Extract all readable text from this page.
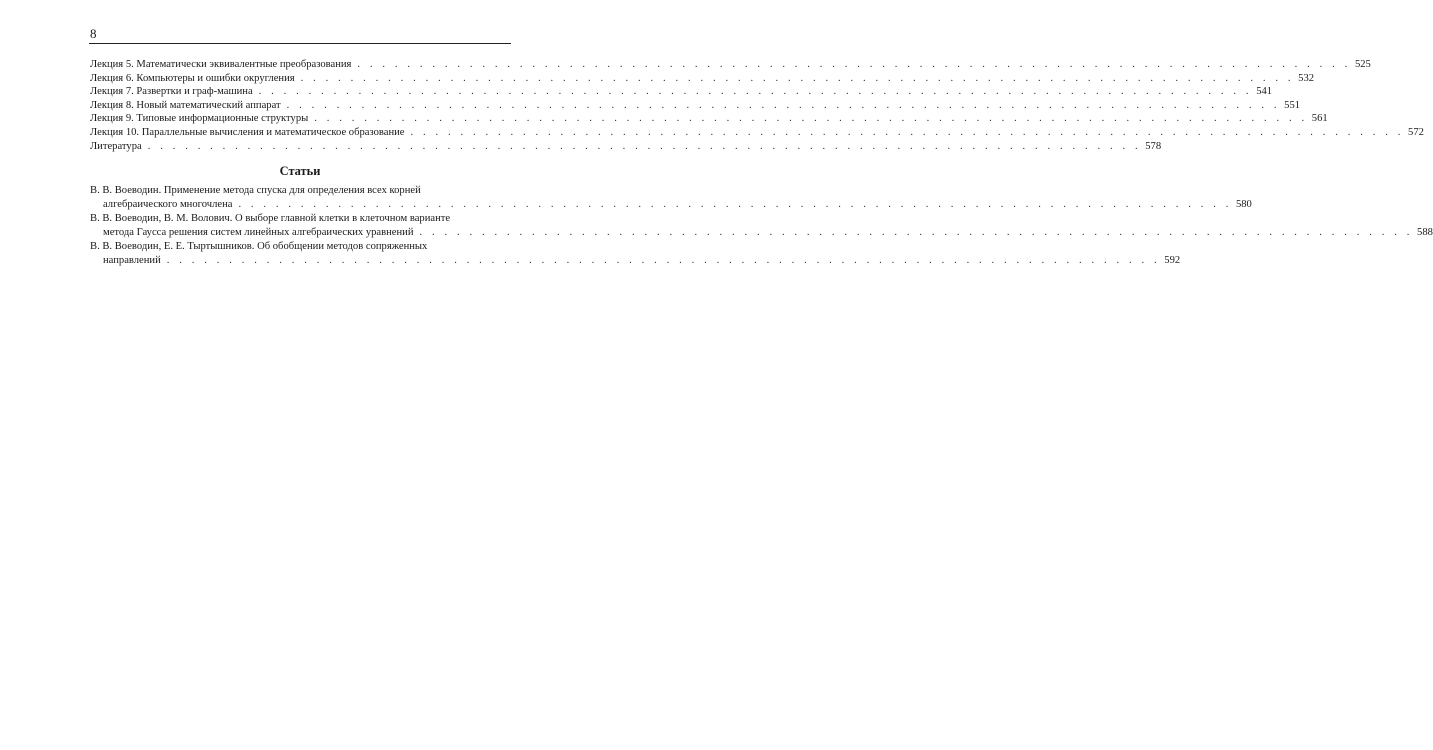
8
Лекция 5. Математически эквивалентные преобразования . . . . . . . . . . . . . . . . . . . . . . . . . . . . . . . . . . . . . . . . . . . . . . . . . . . . . . . . . . . . . . . . . . . . . . . . . . . . . . . . 525
Лекция 6. Компьютеры и ошибки округления . . . . . . . . . . . . . . . . . . . . . . . . . . . . . . . . . . . . . . . . . . . . . . . . . . . . . . . . . . . . . . . . . . . . . . . . . . . . . . . . 532
Лекция 7. Развертки и граф-машина . . . . . . . . . . . . . . . . . . . . . . . . . . . . . . . . . . . . . . . . . . . . . . . . . . . . . . . . . . . . . . . . . . . . . . . . . . . . . . . . 541
Лекция 8. Новый математический аппарат . . . . . . . . . . . . . . . . . . . . . . . . . . . . . . . . . . . . . . . . . . . . . . . . . . . . . . . . . . . . . . . . . . . . . . . . . . . . . . . . 551
Лекция 9. Типовые информационные структуры . . . . . . . . . . . . . . . . . . . . . . . . . . . . . . . . . . . . . . . . . . . . . . . . . . . . . . . . . . . . . . . . . . . . . . . . . . . . . . . . 561
Лекция 10. Параллельные вычисления и математическое образование . . . . . . . . . . . . . . . . . . . . . . . . . . . . . . . . . . . . . . . . . . . . . . . . . . . . . . . . . . . . . . . . . . . . . . . . . . . . . . . . 572
Литература . . . . . . . . . . . . . . . . . . . . . . . . . . . . . . . . . . . . . . . . . . . . . . . . . . . . . . . . . . . . . . . . . . . . . . . . . . . . . . . . 578
Статьи
В. В. Воеводин. Применение метода спуска для определения всех корней
алгебраического многочлена . . . . . . . . . . . . . . . . . . . . . . . . . . . . . . . . . . . . . . . . . . . . . . . . . . . . . . . . . . . . . . . . . . . . . . . . . . . . . . . . 580
В. В. Воеводин, В. М. Волович. О выборе главной клетки в клеточном варианте
метода Гаусса решения систем линейных алгебраических уравнений . . . . . . . . . . . . . . . . . . . . . . . . . . . . . . . . . . . . . . . . . . . . . . . . . . . . . . . . . . . . . . . . . . . . . . . . . . . . . . . . 588
В. В. Воеводин, Е. Е. Тыртышников. Об обобщении методов сопряженных
направлений . . . . . . . . . . . . . . . . . . . . . . . . . . . . . . . . . . . . . . . . . . . . . . . . . . . . . . . . . . . . . . . . . . . . . . . . . . . . . . . . 592
